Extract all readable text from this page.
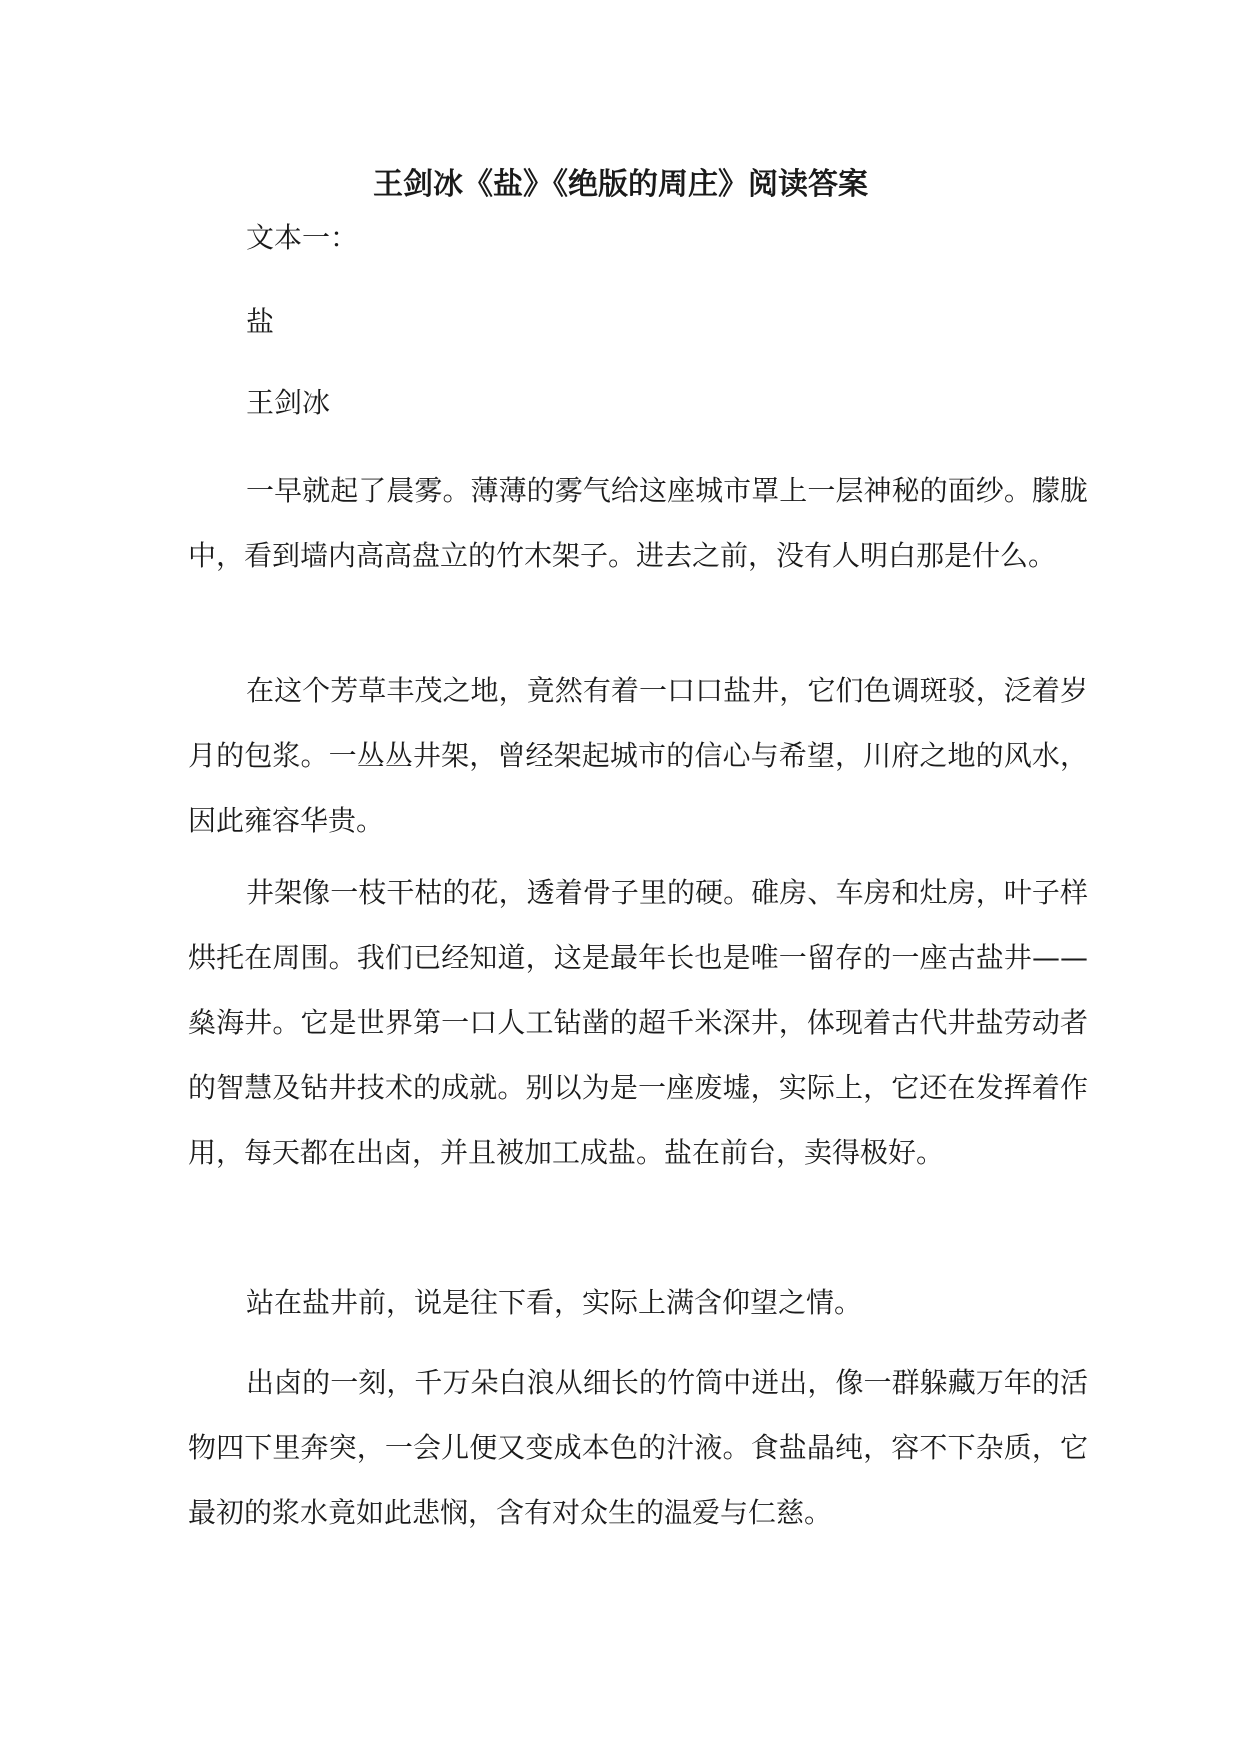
王剑冰《盐》《绝版的周庄》阅读答案

文本一：

盐

王剑冰

一早就起了晨雾。薄薄的雾气给这座城市罩上一层神秘的面纱。朦胧中，看到墙内高高盘立的竹木架子。进去之前，没有人明白那是什么。

在这个芳草丰茂之地，竟然有着一口口盐井，它们色调斑驳，泛着岁月的包浆。一丛丛井架，曾经架起城市的信心与希望，川府之地的风水，因此雍容华贵。

井架像一枝干枯的花，透着骨子里的硬。碓房、车房和灶房，叶子样烘托在周围。我们已经知道，这是最年长也是唯一留存的一座古盐井——燊海井。它是世界第一口人工钻凿的超千米深井，体现着古代井盐劳动者的智慧及钻井技术的成就。别以为是一座废墟，实际上，它还在发挥着作用，每天都在出卤，并且被加工成盐。盐在前台，卖得极好。

站在盐井前，说是往下看，实际上满含仰望之情。

出卤的一刻，千万朵白浪从细长的竹筒中迸出，像一群躲藏万年的活物四下里奔突，一会儿便又变成本色的汁液。食盐晶纯，容不下杂质，它最初的浆水竟如此悲悯，含有对众生的温爱与仁慈。
